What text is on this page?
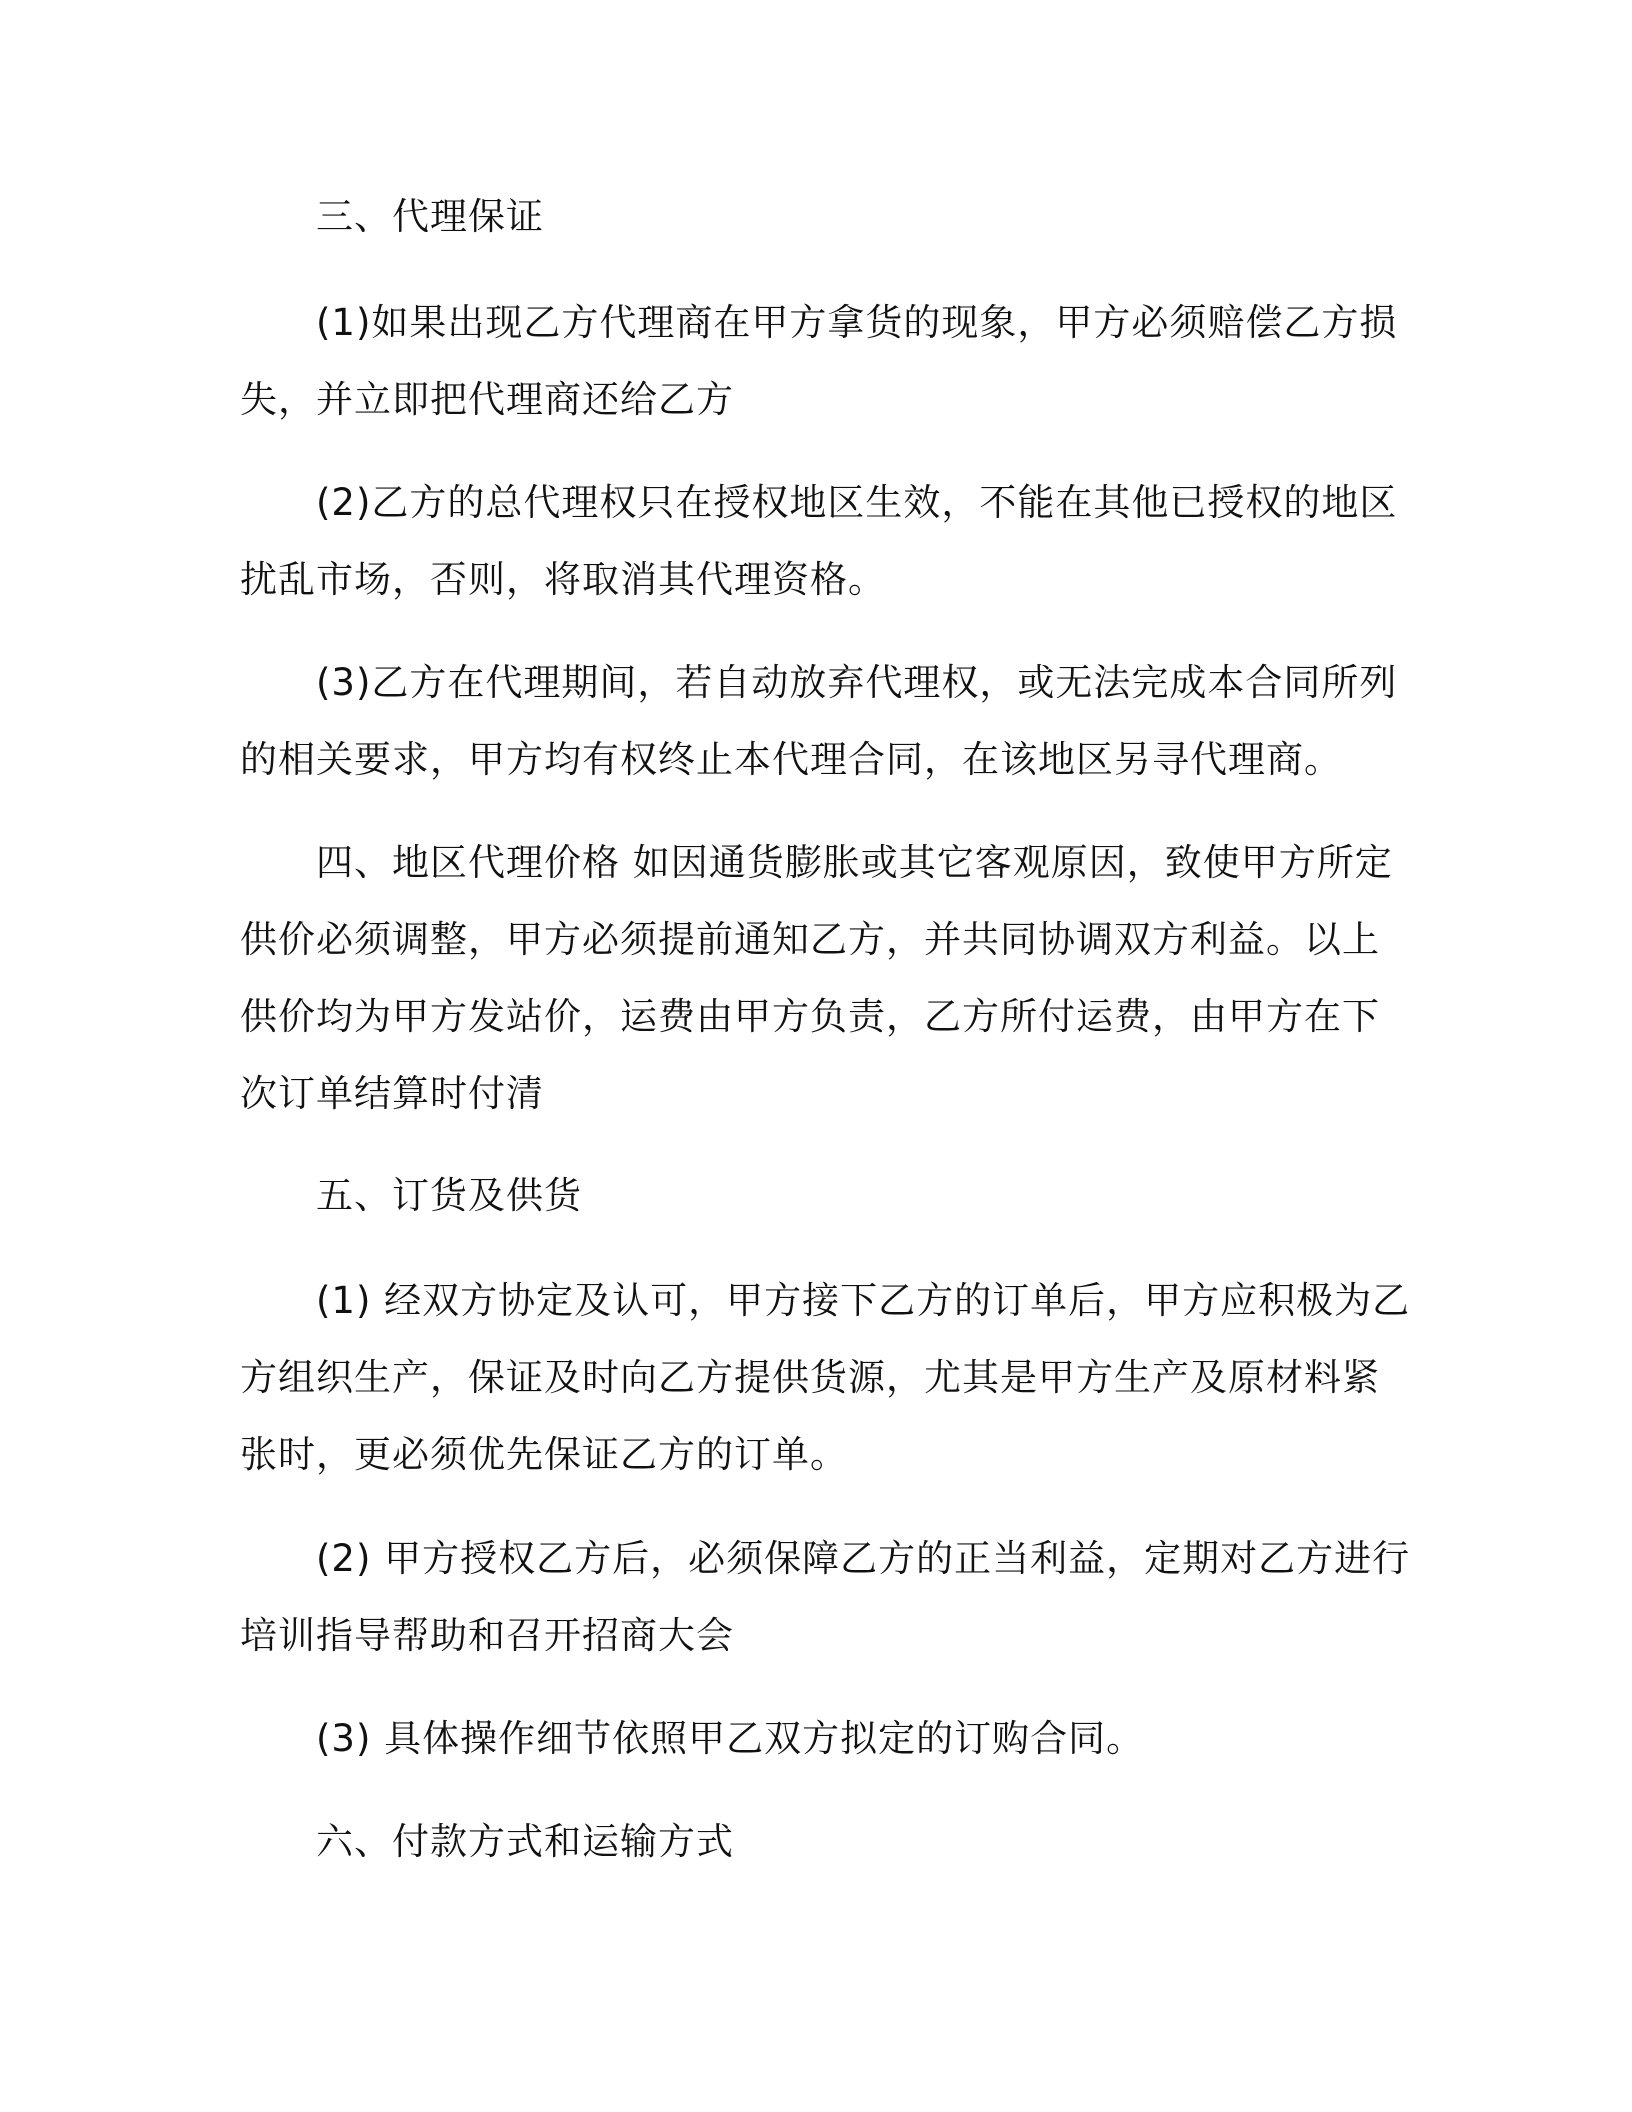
三、代理保证
(1)如果出现乙方代理商在甲方拿货的现象，甲方必须赔偿乙方损
失，并立即把代理商还给乙方
(2)乙方的总代理权只在授权地区生效，不能在其他已授权的地区
扰乱市场，否则，将取消其代理资格。
(3)乙方在代理期间，若自动放弃代理权，或无法完成本合同所列
的相关要求，甲方均有权终止本代理合同，在该地区另寻代理商。
四、地区代理价格 如因通货膨胀或其它客观原因，致使甲方所定
供价必须调整，甲方必须提前通知乙方，并共同协调双方利益。以上
供价均为甲方发站价，运费由甲方负责，乙方所付运费，由甲方在下
次订单结算时付清
五、订货及供货
(1) 经双方协定及认可，甲方接下乙方的订单后，甲方应积极为乙
方组织生产，保证及时向乙方提供货源，尤其是甲方生产及原材料紧
张时，更必须优先保证乙方的订单。
(2) 甲方授权乙方后，必须保障乙方的正当利益，定期对乙方进行
培训指导帮助和召开招商大会
(3) 具体操作细节依照甲乙双方拟定的订购合同。
六、付款方式和运输方式
